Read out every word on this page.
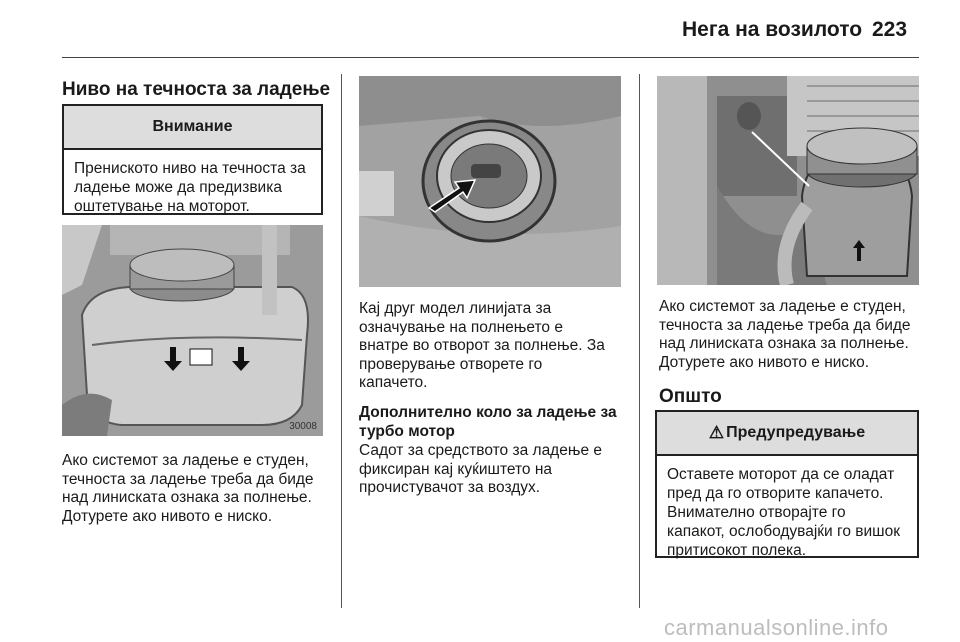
Нега на возилото 223
Ниво на течноста за ладење
Внимание
Прениското ниво на течноста за
ладење може да предизвика
оштетување на моторот.
30008
Ако системот за ладење е студен,
течноста за ладење треба да биде
над линискатa ознака за полнење.
Дотурете ако нивото е ниско.
Кај друг модел линијата за
означување на полнењето е
внатре во отворот за полнење. За
проверување отворете го
капачето.
Дополнително коло за ладење за
турбо мотор
Садот за средството за ладење е
фиксиран кај куќиштето на
прочистувачот за воздух.
Ако системот за ладење е студен,
течноста за ладење треба да биде
над линискатa ознака за полнење.
Дотурете ако нивото е ниско.
Општо
⚠ Предупредување
Оставете моторот да се оладат
пред да го отворите капачето.
Внимателно отворајте го
капакот, ослободувајќи го вишок
притисокот полека.
carmanualsonline.info
